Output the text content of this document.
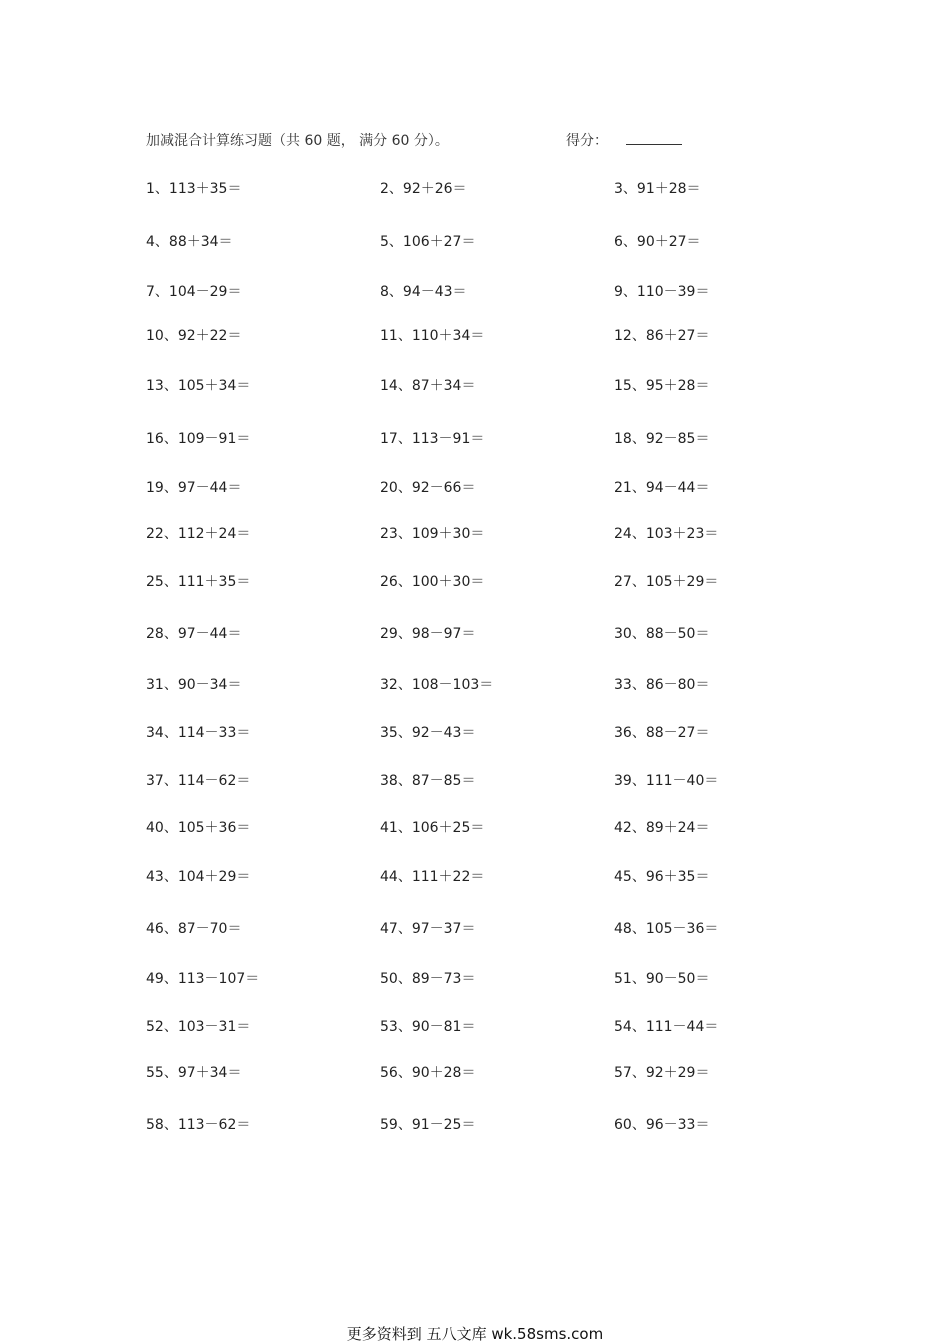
加减混合计算练习题（共 60 题， 满分 60 分）。	得分：
1、113＋35＝	2、92＋26＝	3、91＋28＝
4、88＋34＝	5、106＋27＝	6、90＋27＝
7、104－29＝	8、94－43＝	9、110－39＝
10、92＋22＝	11、110＋34＝	12、86＋27＝
13、105＋34＝	14、87＋34＝	15、95＋28＝
16、109－91＝	17、113－91＝	18、92－85＝
19、97－44＝	20、92－66＝	21、94－44＝
22、112＋24＝	23、109＋30＝	24、103＋23＝
25、111＋35＝	26、100＋30＝	27、105＋29＝
28、97－44＝	29、98－97＝	30、88－50＝
31、90－34＝	32、108－103＝	33、86－80＝
34、114－33＝	35、92－43＝	36、88－27＝
37、114－62＝	38、87－85＝	39、111－40＝
40、105＋36＝	41、106＋25＝	42、89＋24＝
43、104＋29＝	44、111＋22＝	45、96＋35＝
46、87－70＝	47、97－37＝	48、105－36＝
49、113－107＝	50、89－73＝	51、90－50＝
52、103－31＝	53、90－81＝	54、111－44＝
55、97＋34＝	56、90＋28＝	57、92＋29＝
58、113－62＝	59、91－25＝	60、96－33＝
更多资料到 五八文库 wk.58sms.com
